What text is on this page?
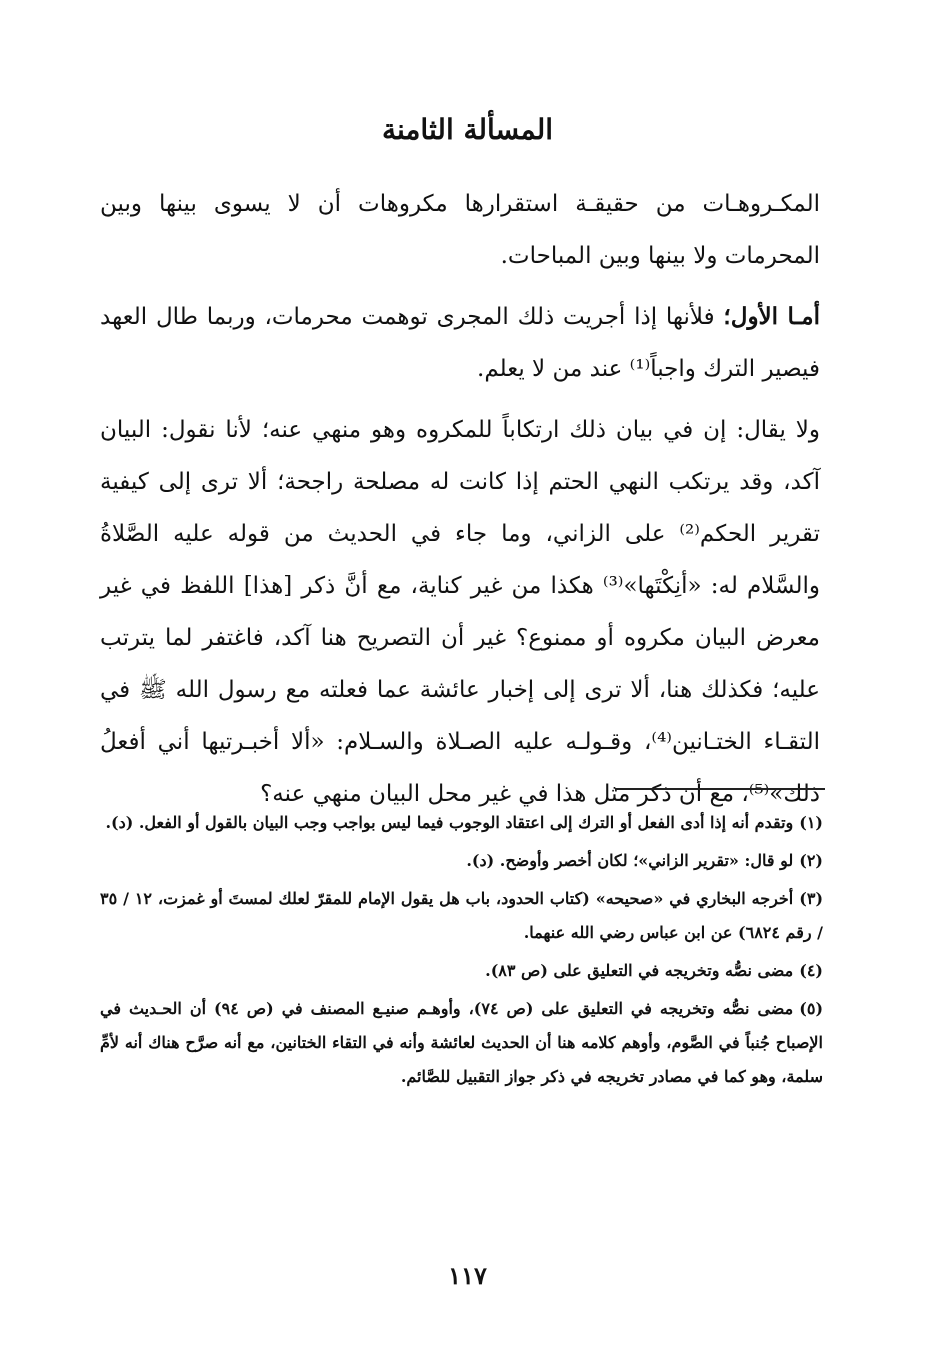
المسألة الثامنة

المكـروهـات من حقيقـة استقرارها مكروهات أن لا يسوى بينها وبين المحرمات ولا بينها وبين المباحات.

أمـا الأول؛ فلأنها إذا أجريت ذلك المجرى توهمت محرمات، وربما طال العهد فيصير الترك واجباً⁽¹⁾ عند من لا يعلم.

ولا يقال: إن في بيان ذلك ارتكاباً للمكروه وهو منهي عنه؛ لأنا نقول: البيان آكد، وقد يرتكب النهي الحتم إذا كانت له مصلحة راجحة؛ ألا ترى إلى كيفية تقرير الحكم⁽²⁾ على الزاني، وما جاء في الحديث من قوله عليه الصَّلاةُ والسَّلام له: «أنِكْتَها»⁽³⁾ هكذا من غير كناية، مع أنَّ ذكر [هذا] اللفظ في غير معرض البيان مكروه أو ممنوع؟ غير أن التصريح هنا آكد، فاغتفر لما يترتب عليه؛ فكذلك هنا، ألا ترى إلى إخبار عائشة عما فعلته مع رسول الله ﷺ في التقـاء الختـانين⁽⁴⁾، وقـولـه عليه الصـلاة والسـلام: «ألا أخبـرتيها أني أفعلُ ذلك»⁽⁵⁾، مع أن ذكر مثل هذا في غير محل البيان منهي عنه؟

(١)وتقدم أنه إذا أدى الفعل أو الترك إلى اعتقاد الوجوب فيما ليس بواجب وجب البيان بالقول أو الفعل. (د).

(٢)لو قال: «تقرير الزاني»؛ لكان أخصر وأوضح. (د).

(٣)أخرجه البخاري في «صحيحه» (كتاب الحدود، باب هل يقول الإمام للمقرّ لعلك لمستَ أو غمزت، ١٢ / ٣٥ / رقم ٦٨٢٤) عن ابن عباس رضي الله عنهما.

(٤)مضى نصُّه وتخريجه في التعليق على (ص ٨٣).

(٥)مضى نصُّه وتخريجه في التعليق على (ص ٧٤)، وأوهـم صنيـع المصنف في (ص ٩٤) أن الحـديث في الإصباح جُنباً في الصَّوم، وأوهم كلامه هنا أن الحديث لعائشة وأنه في التقاء الختانين، مع أنه صرَّح هناك أنه لأمِّ سلمة، وهو كما في مصادر تخريجه في ذكر جواز التقبيل للصَّائم.

١١٧
